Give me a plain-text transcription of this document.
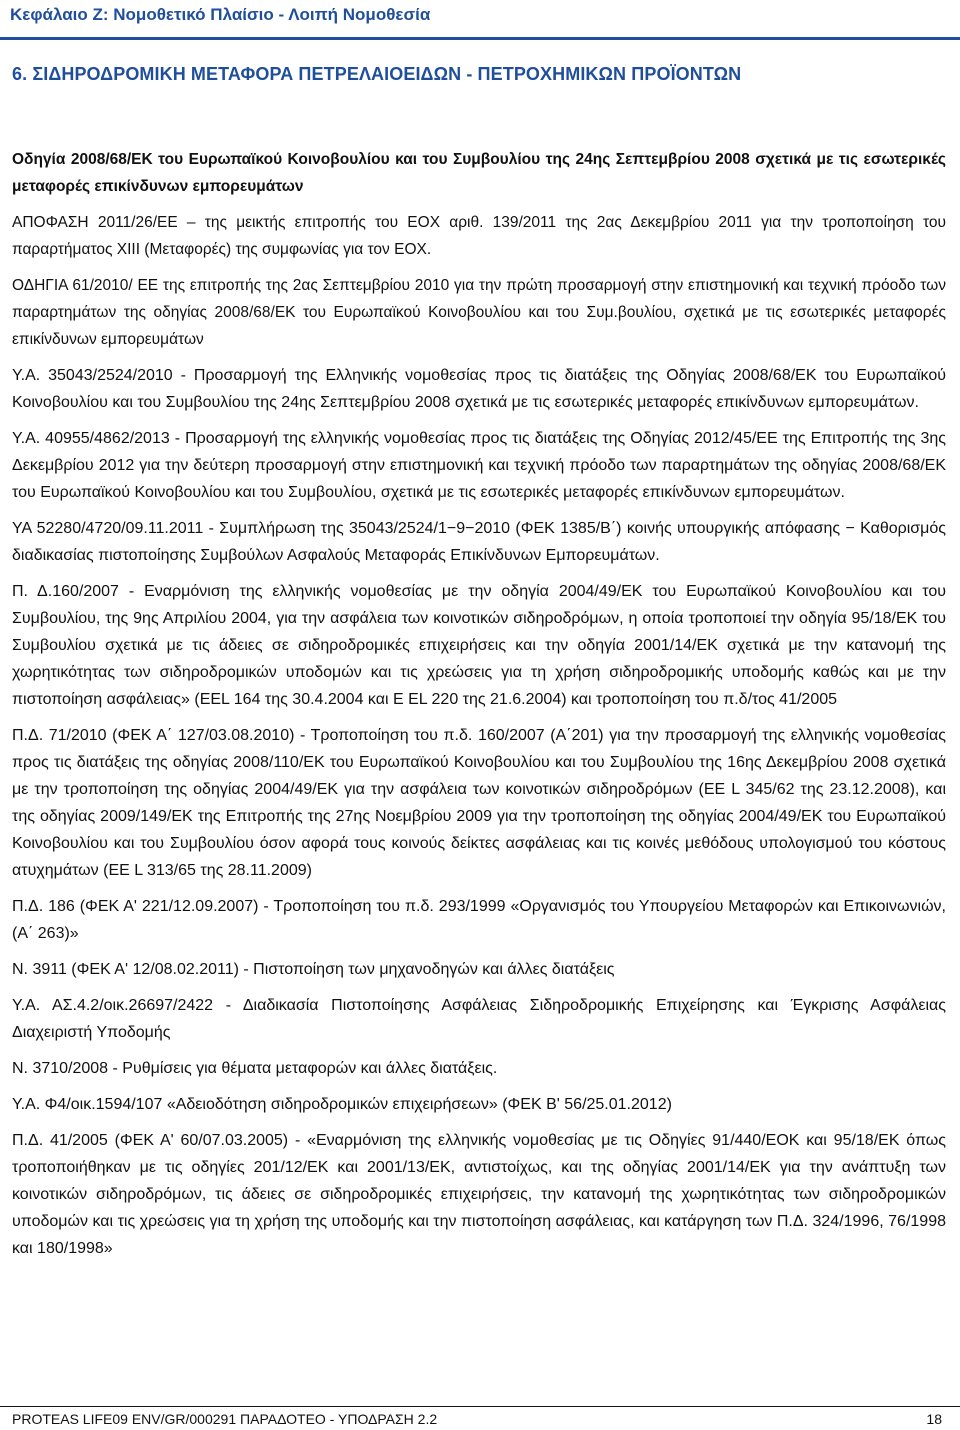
Κεφάλαιο Ζ: Νομοθετικό Πλαίσιο - Λοιπή Νομοθεσία
6. ΣΙΔΗΡΟΔΡΟΜΙΚΗ ΜΕΤΑΦΟΡΑ ΠΕΤΡΕΛΑΙΟΕΙΔΩΝ - ΠΕΤΡΟΧΗΜΙΚΩΝ ΠΡΟΪΟΝΤΩΝ

Οδηγία 2008/68/ΕΚ του Ευρωπαϊκού Κοινοβουλίου και του Συμβουλίου της 24ης Σεπτεμβρίου 2008 σχετικά με τις εσωτερικές μεταφορές επικίνδυνων εμπορευμάτων

ΑΠΟΦΑΣΗ 2011/26/ΕΕ – της μεικτής επιτροπής του ΕΟΧ αριθ. 139/2011 της 2ας Δεκεμβρίου 2011 για την τροποποίηση του παραρτήματος XIII (Μεταφορές) της συμφωνίας για τον ΕΟΧ.

ΟΔΗΓΙΑ 61/2010/ ΕΕ της επιτροπής της 2ας Σεπτεμβρίου 2010 για την πρώτη προσαρμογή στην επιστημονική και τεχνική πρόοδο των παραρτημάτων της οδηγίας 2008/68/ΕΚ του Ευρωπαϊκού Κοινοβουλίου και του Συμ.βουλίου, σχετικά με τις εσωτερικές μεταφορές επικίνδυνων εμπορευμάτων

Υ.Α. 35043/2524/2010 - Προσαρμογή της Ελληνικής νομοθεσίας προς τις διατάξεις της Οδηγίας 2008/68/ΕΚ του Ευρωπαϊκού Κοινοβουλίου και του Συμβουλίου της 24ης Σεπτεμβρίου 2008 σχετικά με τις εσωτερικές μεταφορές επικίνδυνων εμπορευμάτων.

Υ.Α. 40955/4862/2013 - Προσαρμογή της ελληνικής νομοθεσίας προς τις διατάξεις της Οδηγίας 2012/45/ΕΕ της Επιτροπής της 3ης Δεκεμβρίου 2012 για την δεύτερη προσαρμογή στην επιστημονική και τεχνική πρόοδο των παραρτημάτων της οδηγίας 2008/68/ΕΚ του Ευρωπαϊκού Κοινοβουλίου και του Συμβουλίου, σχετικά με τις εσωτερικές μεταφορές επικίνδυνων εμπορευμάτων.

ΥΑ 52280/4720/09.11.2011 - Συμπλήρωση της 35043/2524/1−9−2010 (ΦΕΚ 1385/Β΄) κοινής υπουργικής απόφασης − Καθορισμός διαδικασίας πιστοποίησης Συμβούλων Ασφαλούς Μεταφοράς Επικίνδυνων Εμπορευμάτων.

Π. Δ.160/2007 - Εναρμόνιση της ελληνικής νομοθεσίας με την οδηγία 2004/49/ΕΚ του Ευρωπαϊκού Κοινοβουλίου και του Συμβουλίου, της 9ης Απριλίου 2004, για την ασφάλεια των κοινοτικών σιδηροδρόμων, η οποία τροποποιεί την οδηγία 95/18/ΕΚ του Συμβουλίου σχετικά με τις άδειες σε σιδηροδρομικές επιχειρήσεις και την οδηγία 2001/14/ΕΚ σχετικά με την κατανομή της χωρητικότητας των σιδηροδρομικών υποδομών και τις χρεώσεις για τη χρήση σιδηροδρομικής υποδομής καθώς και με την πιστοποίηση ασφάλειας» (ΕΕL 164 της 30.4.2004 και Ε EL 220 της 21.6.2004) και τροποποίηση του π.δ/τος 41/2005

Π.Δ. 71/2010 (ΦΕΚ Α΄ 127/03.08.2010) - Τροποποίηση του π.δ. 160/2007 (Α΄201) για την προσαρμογή της ελληνικής νομοθεσίας προς τις διατάξεις της οδηγίας 2008/110/ΕΚ του Ευρωπαϊκού Κοινοβουλίου και του Συμβουλίου της 16ης Δεκεμβρίου 2008 σχετικά με την τροποποίηση της οδηγίας 2004/49/ΕΚ για την ασφάλεια των κοινοτικών σιδηροδρόμων (ΕΕ L 345/62 της 23.12.2008), και της οδηγίας 2009/149/ΕΚ της Επιτροπής της 27ης Νοεμβρίου 2009 για την τροποποίηση της οδηγίας 2004/49/ΕΚ του Ευρωπαϊκού Κοινοβουλίου και του Συμβουλίου όσον αφορά τους κοινούς δείκτες ασφάλειας και τις κοινές μεθόδους υπολογισμού του κόστους ατυχημάτων (ΕΕ L 313/65 της 28.11.2009)

Π.Δ. 186 (ΦΕΚ Α' 221/12.09.2007) - Τροποποίηση του π.δ. 293/1999 «Οργανισμός του Υπουργείου Μεταφορών και Επικοινωνιών, (Α΄ 263)»

Ν. 3911 (ΦΕΚ Α' 12/08.02.2011) - Πιστοποίηση των μηχανοδηγών και άλλες διατάξεις

Υ.Α. ΑΣ.4.2/οικ.26697/2422 - Διαδικασία Πιστοποίησης Ασφάλειας Σιδηροδρομικής Επιχείρησης και Έγκρισης Ασφάλειας Διαχειριστή Υποδομής

Ν. 3710/2008 - Ρυθμίσεις για θέματα μεταφορών και άλλες διατάξεις.

Υ.Α. Φ4/οικ.1594/107 «Αδειοδότηση σιδηροδρομικών επιχειρήσεων» (ΦΕΚ Β' 56/25.01.2012)

Π.Δ. 41/2005 (ΦΕΚ Α' 60/07.03.2005) - «Εναρμόνιση της ελληνικής νομοθεσίας με τις Οδηγίες 91/440/ΕΟΚ και 95/18/ΕΚ όπως τροποποιήθηκαν με τις οδηγίες 201/12/ΕΚ και 2001/13/ΕΚ, αντιστοίχως, και της οδηγίας 2001/14/ΕΚ για την ανάπτυξη των κοινοτικών σιδηροδρόμων, τις άδειες σε σιδηροδρομικές επιχειρήσεις, την κατανομή της χωρητικότητας των σιδηροδρομικών υποδομών και τις χρεώσεις για τη χρήση της υποδομής και την πιστοποίηση ασφάλειας, και κατάργηση των Π.Δ. 324/1996, 76/1998 και 180/1998»

PROTEAS LIFE09 ENV/GR/000291 ΠΑΡΑΔΟΤΕΟ - ΥΠΟΔΡΑΣΗ 2.2	18
